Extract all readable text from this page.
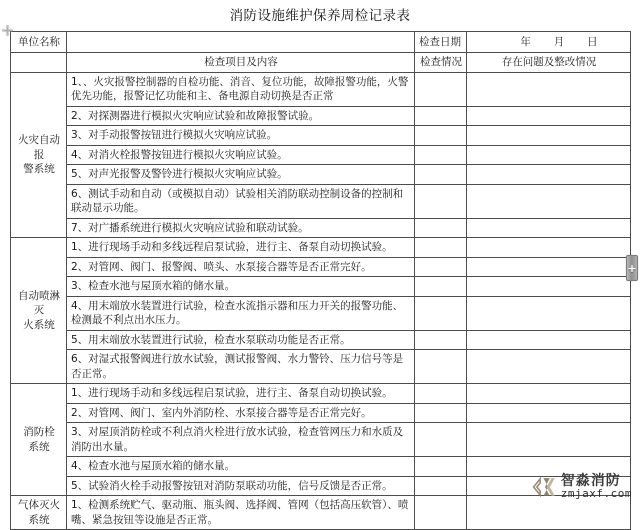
消防设施维护保养周检记录表
单位名称		检查日期	年 月 日

	检查项目及内容	检查情况	存在问题及整改情况

火灾自动
报
警系统	1、、火灾报警控制器的自检功能、消音、复位功能，故障报警功能，火警优先功能，报警记忆功能和主、备电源自动切换是否正常		
	2、对探测器进行模拟火灾响应试验和故障报警试验。		
	3、对手动报警按钮进行模拟火灾响应试验。		
	4、对消火栓报警按钮进行模拟火灾响应试验。		
	5、对声光报警及警铃进行模拟火灾响应试验。		
	6、测试手动和自动（或模拟自动）试验相关消防联动控制设备的控制和联动显示功能。		
	7、对广播系统进行模拟火灾响应试验和联动试验。		

自动喷淋
灭
火系统	1、进行现场手动和多线远程启泵试验，进行主、备泵自动切换试验。		
	2、对管网、阀门、报警阀、喷头、水泵接合器等是否正常完好。		
	3、检查水池与屋顶水箱的储水量。		
	4、用末端放水装置进行试验，检查水流指示器和压力开关的报警功能、检测最不利点出水压力。		
	5、用末端放水装置进行试验，检查水泵联动功能是否正常。		
	6、对湿式报警阀进行放水试验，测试报警阀、水力警铃、压力信号等是否正常。		

消防栓
系统	1、进行现场手动和多线远程启泵试验，进行主、备泵自动切换试验。		
	2、对管网、阀门、室内外消防栓、水泵接合器等是否正常完好。		
	3、对屋顶消防栓或不利点消火栓进行放水试验，检查管网压力和水质及消防出水量。		
	4、检查水池与屋顶水箱的储水量。		
	5、试验消火栓手动报警按钮对消防泵联动功能，信号反馈是否正常。		

气体灭火
系统	1、检测系统贮气、驱动瓶、瓶头阀、选择阀、管网（包括高压软管）、喷嘴、紧急按钮等设施是否正常。		
+
智淼消防
zmjaxf.com
